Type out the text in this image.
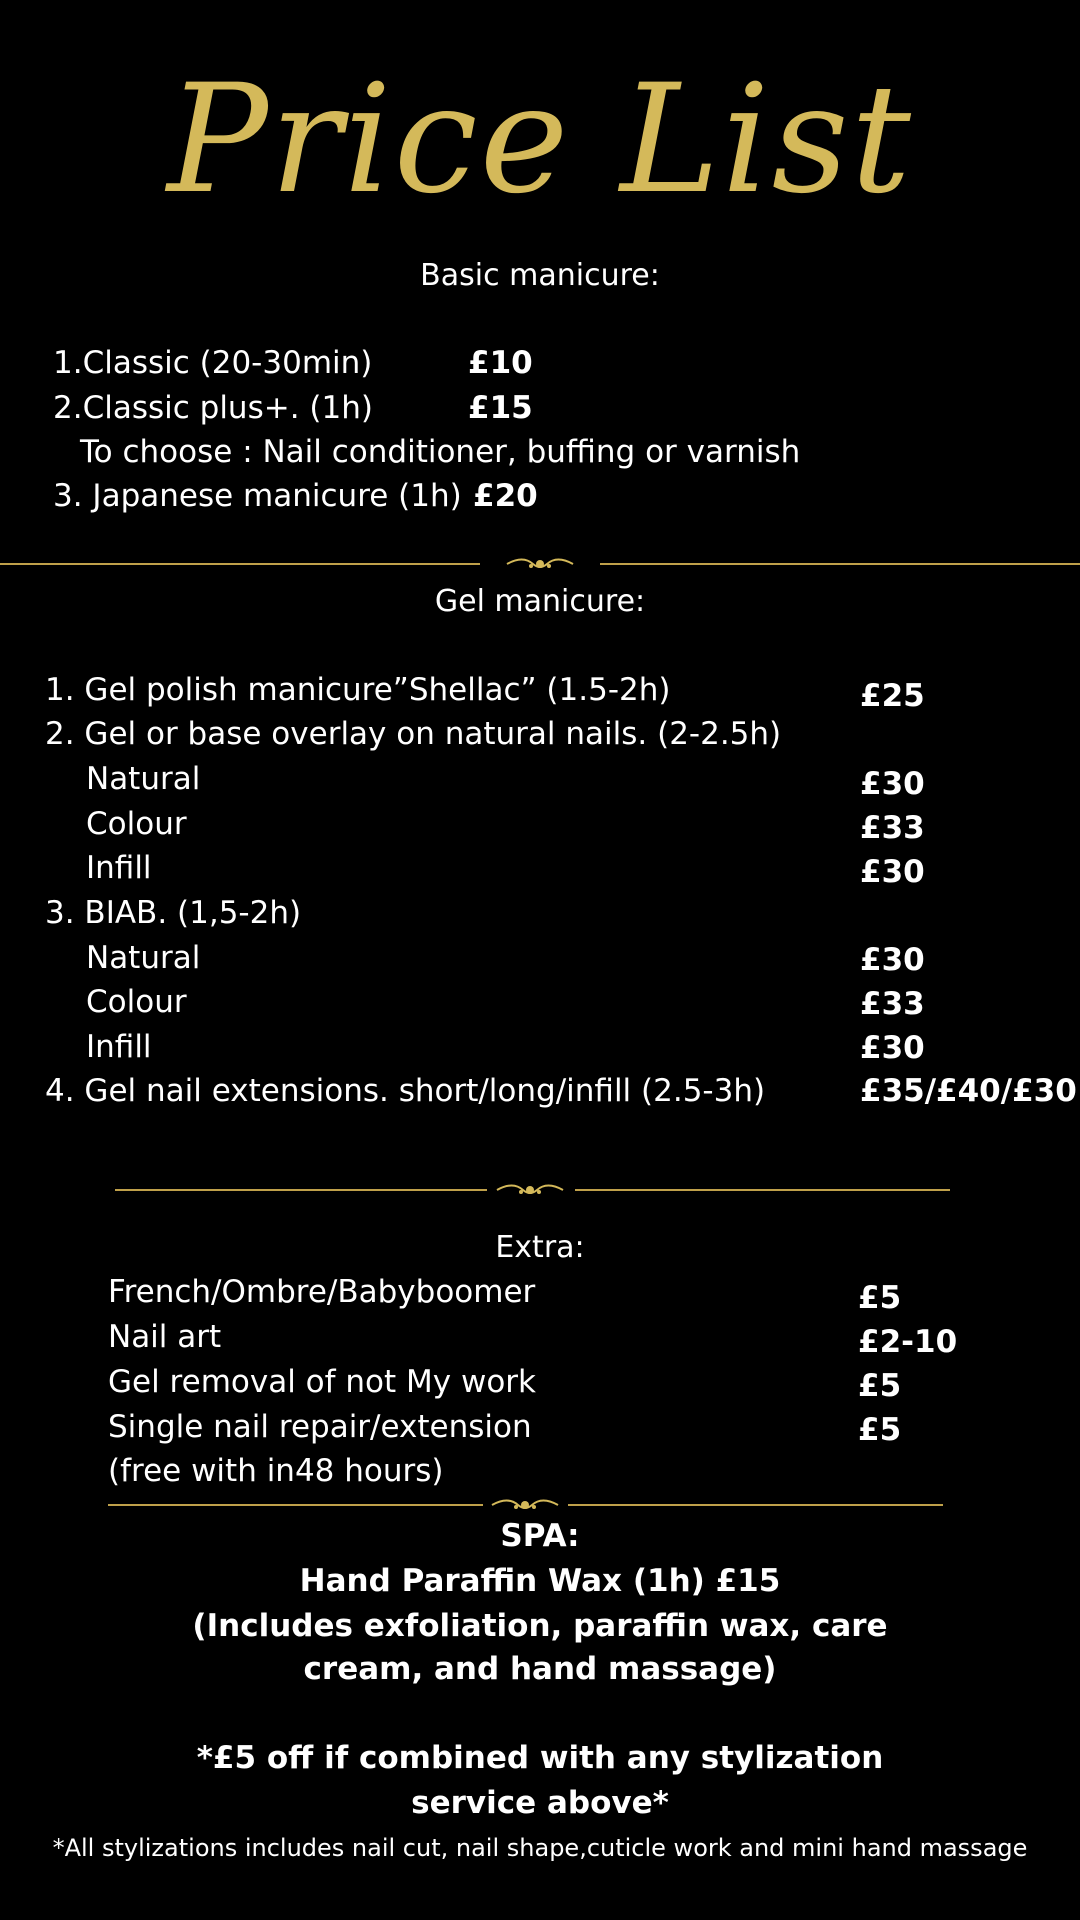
Price List
Basic manicure:
1.Classic (20-30min)	£10
2.Classic plus+. (1h)	£15
To choose : Nail conditioner, buffing or varnish
3. Japanese manicure (1h) £20
Gel manicure:
1. Gel polish manicure”Shellac” (1.5-2h)	£25
2. Gel or base overlay on natural nails. (2-2.5h)
Natural	£30
Colour	£33
Infill	£30
3. BIAB. (1,5-2h)
Natural	£30
Colour	£33
Infill	£30
4. Gel nail extensions. short/long/infill (2.5-3h)	£35/£40/£30
Extra:
French/Ombre/Babyboomer	£5
Nail art	£2-10
Gel removal of not My work	£5
Single nail repair/extension	£5
(free with in48 hours)
SPA:
Hand Paraffin Wax (1h) £15
(Includes exfoliation, paraffin wax, care
cream, and hand massage)
*£5 off if combined with any stylization
service above*
*All stylizations includes nail cut, nail shape,cuticle work and mini hand massage
